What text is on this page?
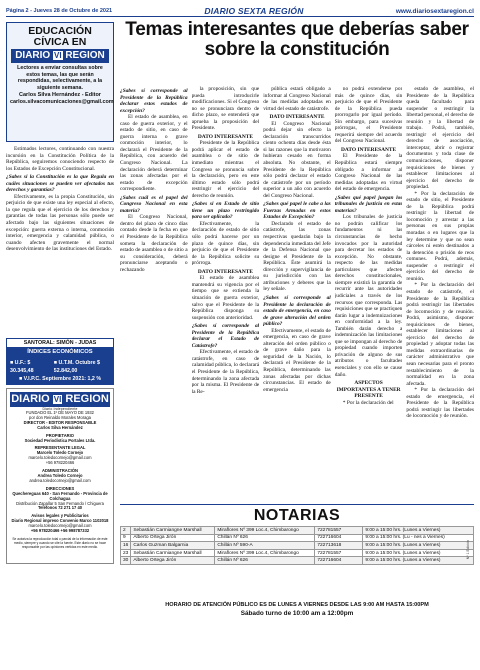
Página 2 - Jueves 28 de Octubre de 2021	DIARIO SEXTA REGIÓN	www.diariosextaregion.cl
EDUCACIÓN
CÍVICA EN
DIARIO VI REGION
Lectores a enviar consultas sobre estos temas, las que serán respondidas, selectivamente, a la siguiente semana.
Carlos Silva Hernández - Editor
carlos.silvacomunicaciones@gmail.com

Estimados lectores, continuando con nuestra incursión en la Constitución Política de la República, seguiremos conociendo respecto de los Estados de Excepción Constitucional.

¿Sabes si la Constitución es la que Regula en cuáles situaciones se pueden ver afectados tus derechos y garantías?

Efectivamente, es la propia Constitución, sin perjuicio de que existe una ley especial al efecto, la que regula que el ejercicio de los derechos y garantías de todas las personas sólo puede ser afectado bajo las siguientes situaciones de excepción: guerra externa o interna, conmoción interior, emergencia y calamidad pública, o cuando afecten gravemente el normal desenvolvimiento de las instituciones del Estado.

SANTORAL: SIMÓN - JUDAS
ÍNDICES ECONÓMICOS
■ U.F.: $ 30.345,48
■ U.T.M. Octubre $ 52.842,00
■ V.I.P.C. Septiembre 2021: 1,2 %
DIARIO VI REGION
Diario independiente
FUNDADO EL 1º DE MAYO DE 1932
por don Reinaldo Morales Moraga
DIRECTOR - EDITOR RESPONSABLE
Carlos Silva Hernández
PROPIETARIO
Sociedad Periodística Portales Ltda.
REPRESENTANTE LEGAL
Marcelo Toledo Cornejo
marcelo.toledocornejo@gmail.com
+56 978220466
ADMINISTRACIÓN
Andrea Toledo Cornejo
andrea.toledocornejo@gmail.com
DIRECCIONES
Quechereguas 640 - San Fernando - Provincia de Colchagua
Distribución Zapallar 5 San Fernando / Chiguera
Teléfonos 72 271 17 40
Avisos legales y Publicitarios
Diario Regional impreso Convenio Marco 1102018
marcelo.toledocornejo@gmail.com
+56 978220466 +56 998787332
Se autoriza la reproducción total o parcial de la información de este medio, siempre y cuando se cite la fuente. Este diario no se hace responsable por las opiniones vertidas en este medio.
Temas interesantes que deberías saber sobre la constitución

¿Sabes sí corresponde al Presidente de la República declarar estos estados de excepción?

El estado de asamblea, en caso de guerra exterior, y el estado de sitio, en caso de guerra interna o grave conmoción interior, lo declarará el Presidente de la República, con acuerdo del Congreso Nacional. La declaración deberá determinar las zonas afectadas por el estado de excepción correspondiente.

¿Sabes cuál es el papel del Congreso Nacional en esta materia?

El Congreso Nacional, dentro del plazo de cinco días contado desde la fecha en que el Presidente de la República someta la declaración de estado de asamblea o de sitio a su consideración, deberá pronunciarse aceptando o rechazando

la proposición, sin que pueda introducirle modificaciones. Si el Congreso no se pronunciara dentro de dicho plazo, se entenderá que aprueba la proposición del Presidente.

DATO INTERESANTE

Presidente de la República podrá aplicar el estado de asamblea o de sitio de inmediato mientras el Congreso se pronuncia sobre la declaración, pero en este último estado sólo podrá restringir el ejercicio del derecho de reunión.

¿Sabes si en Estado de sitio tiene un plazo restringido para ser aplicado?

Efectivamente, la declaración de estado de sitio sólo podrá hacerse por un plazo de quince días, sin perjuicio de que el Presidente de la República solicite su prórroga.

DATO INTERESANTE

El estado de asamblea mantendrá su vigencia por el tiempo que se extienda la situación de guerra exterior, salvo que el Presidente de la República disponga su suspensión con anterioridad.

¿Sabes sí corresponde al Presidente de la República declarar el Estado de Catástrofe?

Efectivamente, el estado de catástrofe, en caso de calamidad pública, lo declarará el Presidente de la República, determinando la zona afectada por la misma. El Presidente de la Re-

pública estará obligado a informar al Congreso Nacional de las medidas adoptadas en virtud del estado de catástrofe.

DATO INTERESANTE

El Congreso Nacional podrá dejar sin efecto la declaración transcurridos ciento ochenta días desde ésta si las razones que la motivaron hubieran cesado en forma absoluta. No obstante, el Presidente de la República sólo podrá declarar el estado de catástrofe por un período superior a un año con acuerdo del Congreso Nacional.

¿Sabes qué papel le cabe a las Fuerzas Armadas en estos Estados de Excepción?

Declarado el estado de catástrofe, las zonas respectivas quedarán bajo la dependencia inmediata del Jefe de la Defensa Nacional que designe el Presidente de la República. Éste asumirá la dirección y supervigilancia de su jurisdicción con las atribuciones y deberes que la ley señale.

¿Sabes sí corresponde al Presidente la declaración de estado de emergencia, en caso de grave alteración del orden público?

Efectivamente, el estado de emergencia, en caso de grave alteración del orden público o de grave daño para la seguridad de la Nación, lo declarará el Presidente de la República, determinando las zonas afectadas por dichas circunstancias. El estado de emergencia

no podrá extenderse por más de quince días, sin perjuicio de que el Presidente de la República pueda prorrogarlo por igual período. Sin embargo, para sucesivas prórrogas, el Presidente requerirá siempre del acuerdo del Congreso Nacional.

DATO INTERESANTE

El Presidente de la República estará siempre obligado a informar al Congreso Nacional de las medidas adoptadas en virtud del estado de emergencia.

¿Sabes qué papel juegan los tribunales de justicia en estas materias?

Los tribunales de justicia no podrán calificar los fundamentos ni las circunstancias de hecho invocados por la autoridad para decretar los estados de excepción. No obstante, respecto de las medidas particulares que afecten derechos constitucionales, siempre existirá la garantía de recurrir ante las autoridades judiciales a través de los recursos que corresponda. Las requisiciones que se practiquen darán lugar a indemnizaciones en conformidad a la ley. También darán derecho a indemnización las limitaciones que se impongan al derecho de propiedad cuando importen privación de alguno de sus atributos o facultades esenciales y con ello se cause daño.

ASPECTOS IMPORTANTES A TENER PRESENTE

* Por la declaración del

estado de asamblea, el Presidente de la República queda facultado para suspender o restringir la libertad personal, el derecho de reunión y la libertad de trabajo. Podrá, también, restringir el ejercicio del derecho de asociación, interceptar, abrir o registrar documentos y toda clase de comunicaciones, disponer requisiciones de bienes y establecer limitaciones al ejercicio del derecho de propiedad.

* Por la declaración de estado de sitio, el Presidente de la República podrá restringir la libertad de locomoción y arrestar a las personas en sus propias moradas o en lugares que la ley determine y que no sean cárceles ni estén destinados a la detención o prisión de reos comunes. Podrá, además, suspender o restringir el ejercicio del derecho de reunión.

* Por la declaración del estado de catástrofe, el Presidente de la República podrá restringir las libertades de locomoción y de reunión. Podrá, asimismo, disponer requisiciones de bienes, establecer limitaciones al ejercicio del derecho de propiedad y adoptar todas las medidas extraordinarias de carácter administrativo que sean necesarias para el pronto restablecimiento de la normalidad en la zona afectada.

* Por la declaración del estado de emergencia, el Presidente de la República podrá restringir las libertades de locomoción y de reunión.

NOTARIAS
2	Sebastián Carmiangne Marshall	Miraflores Nº 399 Loc.4, Chimbarongo	722781557	9:00 a 15:00 hrs. (Lunes a Viernes)
9	Alberto Ortega Jirón	Chillán Nº 626	722716604	9:00 a 15:00 hrs. (Lu - nes a Viernes)
16	Carlos Guzman Balgarnia	Chillán Nº 590-A	722713618	9:00 a 15:00 hrs. (Lunes a Viernes)
23	Sebastián Carmiangne Marshall	Miraflores Nº 399 Loc.4, Chimbarongo	722781557	9:00 a 15:00 hrs. (Lunes a Viernes)
30	Alberto Ortega Jirón	Chillán Nº 626	722716604	9:00 a 15:00 hrs. (Lunes a Viernes)
HORARIO DE ATENCIÓN PÚBLICO ES DE LUNES A VIERNES DESDE LAS 9:00 AM HASTA 15:00PM
Sábado turno de 10:00 am a 12:00pm
Nº 1 Edición
